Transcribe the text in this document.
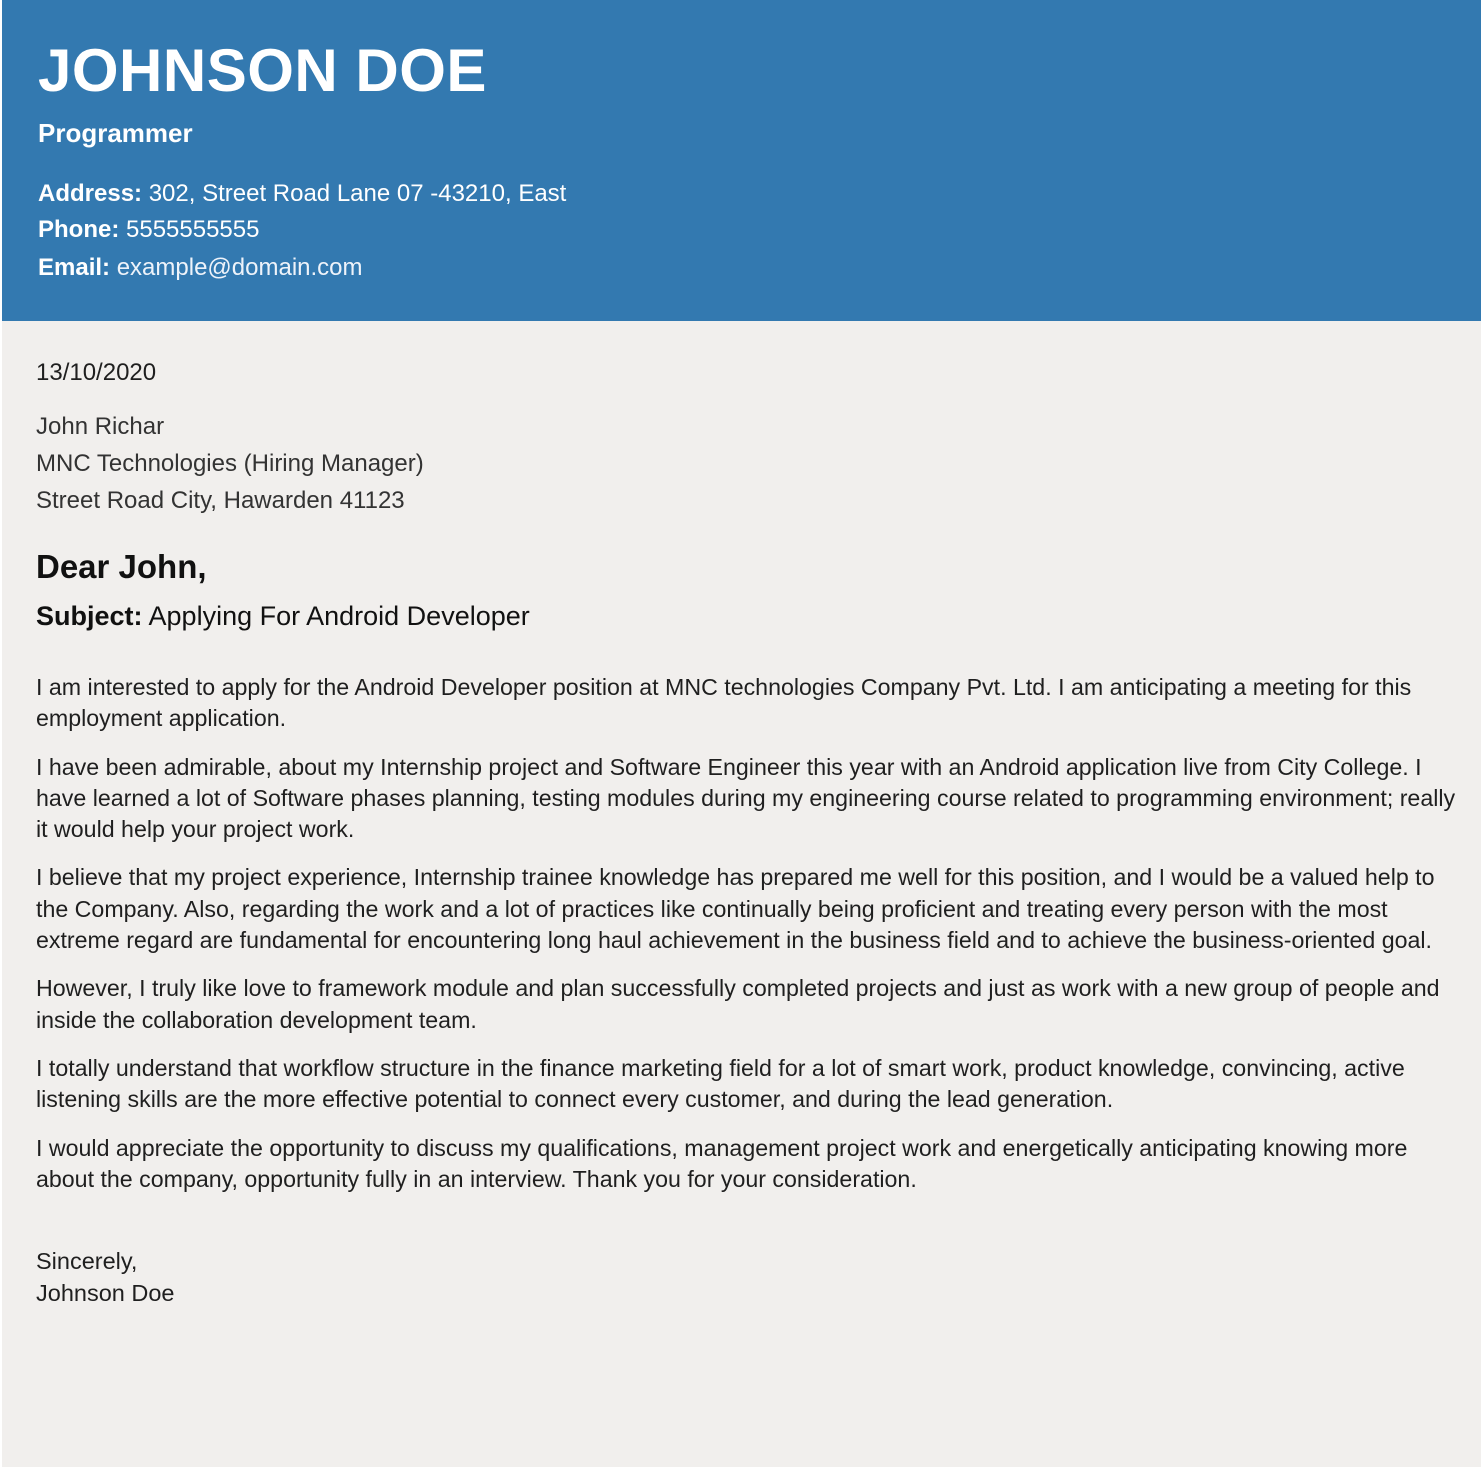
JOHNSON DOE
Programmer
Address: 302, Street Road Lane 07 -43210, East
Phone: 5555555555
Email: example@domain.com
13/10/2020
John Richar
MNC Technologies (Hiring Manager)
Street Road City, Hawarden 41123
Dear John,
Subject: Applying For Android Developer

I am interested to apply for the Android Developer position at MNC technologies Company Pvt. Ltd. I am anticipating a meeting for this employment application.

I have been admirable, about my Internship project and Software Engineer this year with an Android application live from City College. I have learned a lot of Software phases planning, testing modules during my engineering course related to programming environment; really it would help your project work.

I believe that my project experience, Internship trainee knowledge has prepared me well for this position, and I would be a valued help to the Company. Also, regarding the work and a lot of practices like continually being proficient and treating every person with the most extreme regard are fundamental for encountering long haul achievement in the business field and to achieve the business-oriented goal.

However, I truly like love to framework module and plan successfully completed projects and just as work with a new group of people and inside the collaboration development team.

I totally understand that workflow structure in the finance marketing field for a lot of smart work, product knowledge, convincing, active listening skills are the more effective potential to connect every customer, and during the lead generation.

I would appreciate the opportunity to discuss my qualifications, management project work and energetically anticipating knowing more about the company, opportunity fully in an interview. Thank you for your consideration.

Sincerely,
Johnson Doe
